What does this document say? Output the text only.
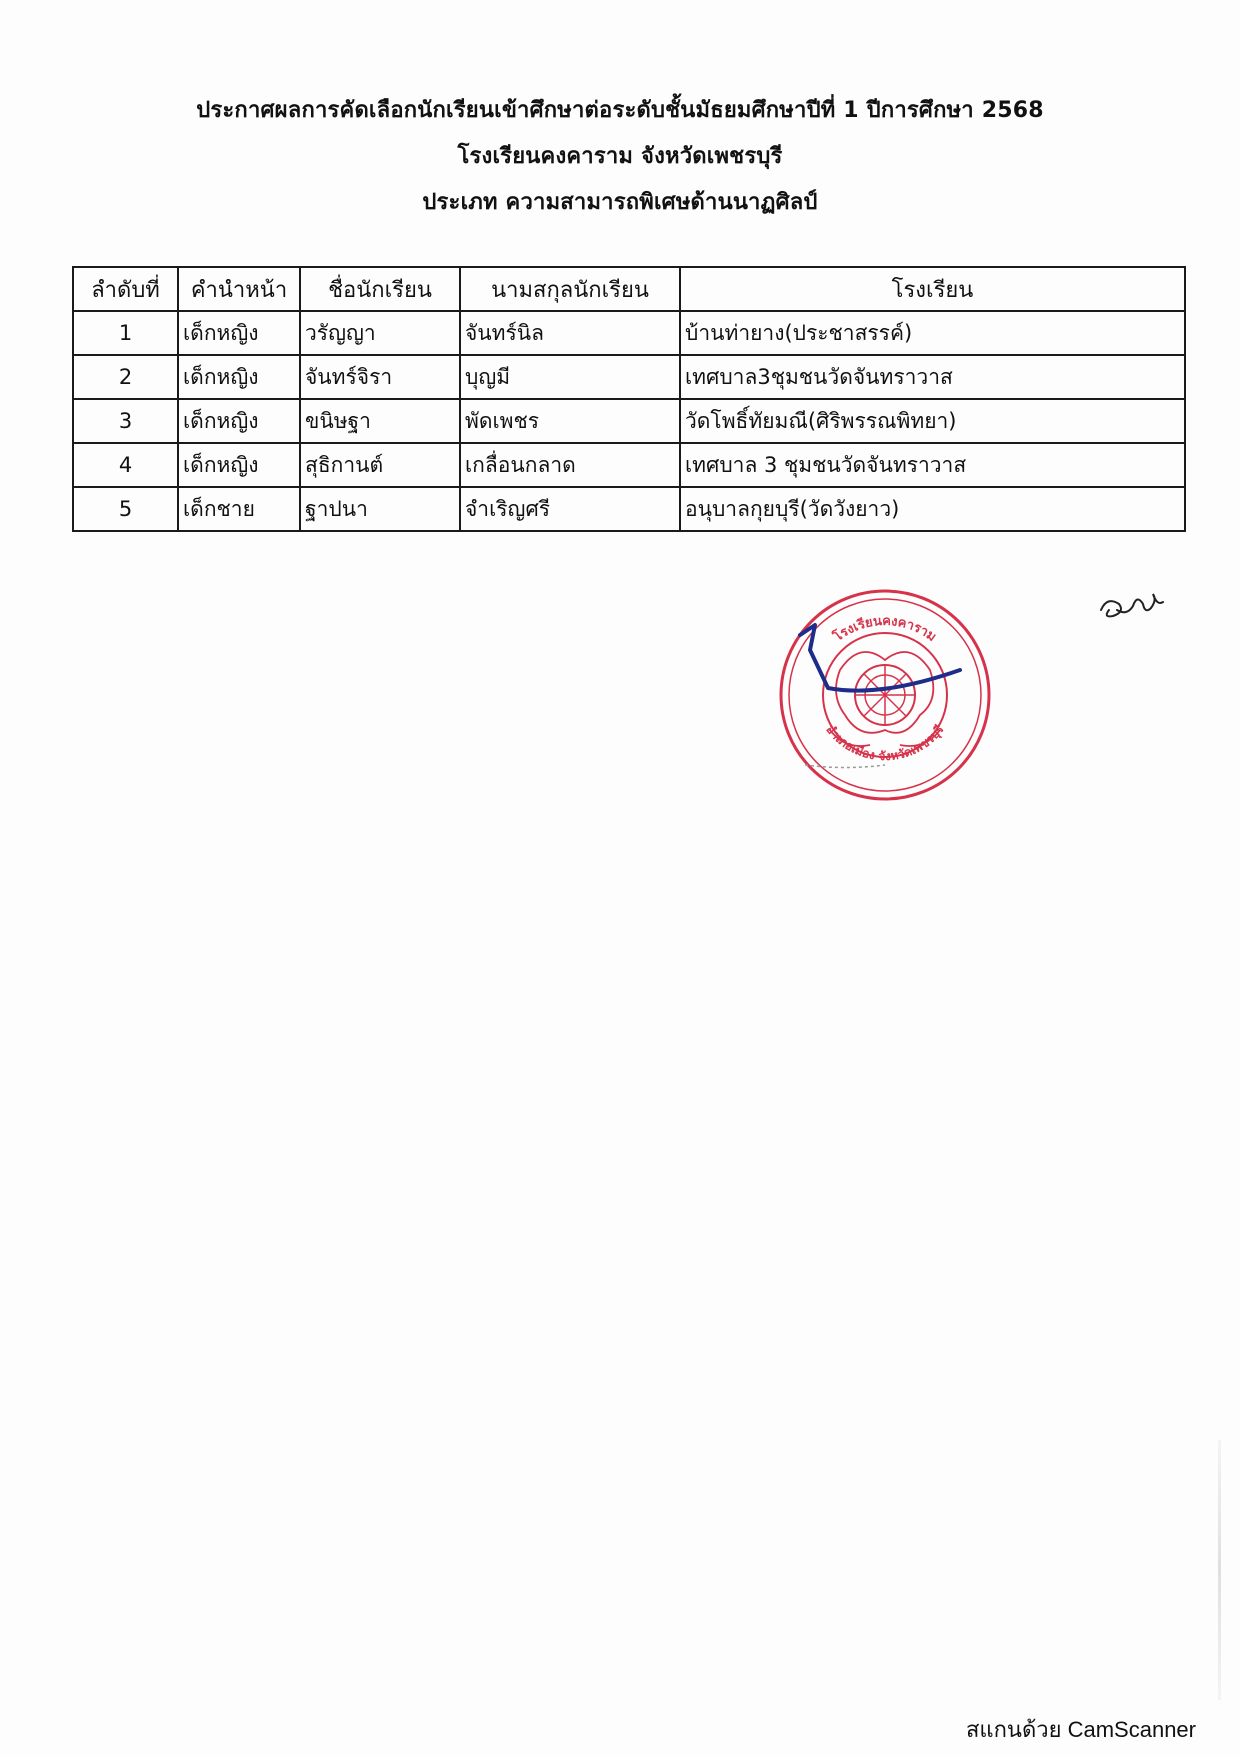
ประกาศผลการคัดเลือกนักเรียนเข้าศึกษาต่อระดับชั้นมัธยมศึกษาปีที่ 1 ปีการศึกษา 2568
โรงเรียนคงคาราม จังหวัดเพชรบุรี
ประเภท ความสามารถพิเศษด้านนาฏศิลป์
ลำดับที่	คำนำหน้า	ชื่อนักเรียน	นามสกุลนักเรียน	โรงเรียน
1	เด็กหญิง	วรัญญา	จันทร์นิล	บ้านท่ายาง(ประชาสรรค์)
2	เด็กหญิง	จันทร์จิรา	บุญมี	เทศบาล3ชุมชนวัดจันทราวาส
3	เด็กหญิง	ขนิษฐา	พัดเพชร	วัดโพธิ์ทัยมณี(ศิริพรรณพิทยา)
4	เด็กหญิง	สุธิกานต์	เกลื่อนกลาด	เทศบาล 3 ชุมชนวัดจันทราวาส
5	เด็กชาย	ฐาปนา	จำเริญศรี	อนุบาลกุยบุรี(วัดวังยาว)
โรงเรียนคงคาราม
อำเภอเมือง จังหวัดเพชรบุรี
สแกนด้วย CamScanner
